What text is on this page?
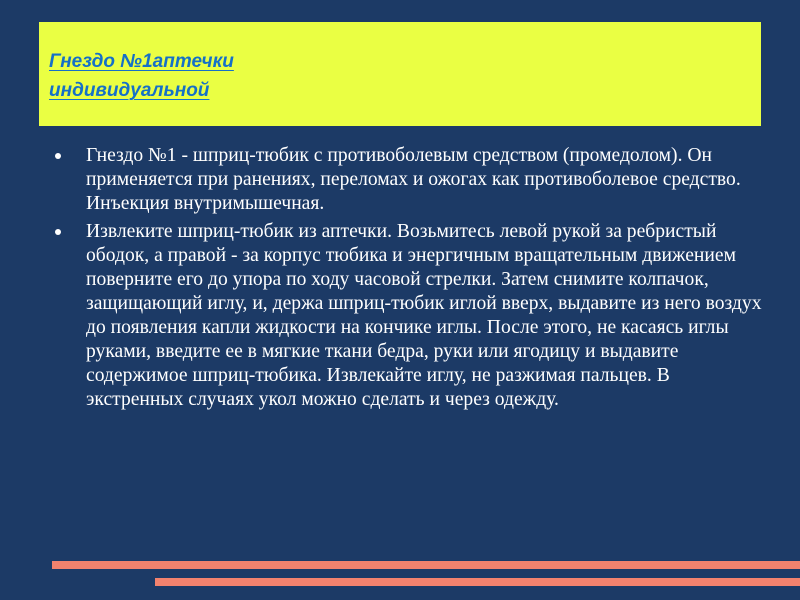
Гнездо №1аптечки
индивидуальной
Гнездо №1 - шприц-тюбик с противоболевым средством (промедолом). Он применяется при ранениях, переломах и ожогах как противоболевое средство. Инъекция внутримышечная.
Извлеките шприц-тюбик из аптечки. Возьмитесь левой рукой за ребристый ободок, а правой - за корпус тюбика и энергичным вращательным движением поверните его до упора по ходу часовой стрелки. Затем снимите колпачок, защищающий иглу, и, держа шприц-тюбик иглой вверх, выдавите из него воздух до появления капли жидкости на кончике иглы. После этого, не касаясь иглы руками, введите ее в мягкие ткани бедра, руки или ягодицу и выдавите содержимое шприц-тюбика. Извлекайте иглу, не разжимая пальцев. В экстренных случаях укол можно сделать и через одежду.
